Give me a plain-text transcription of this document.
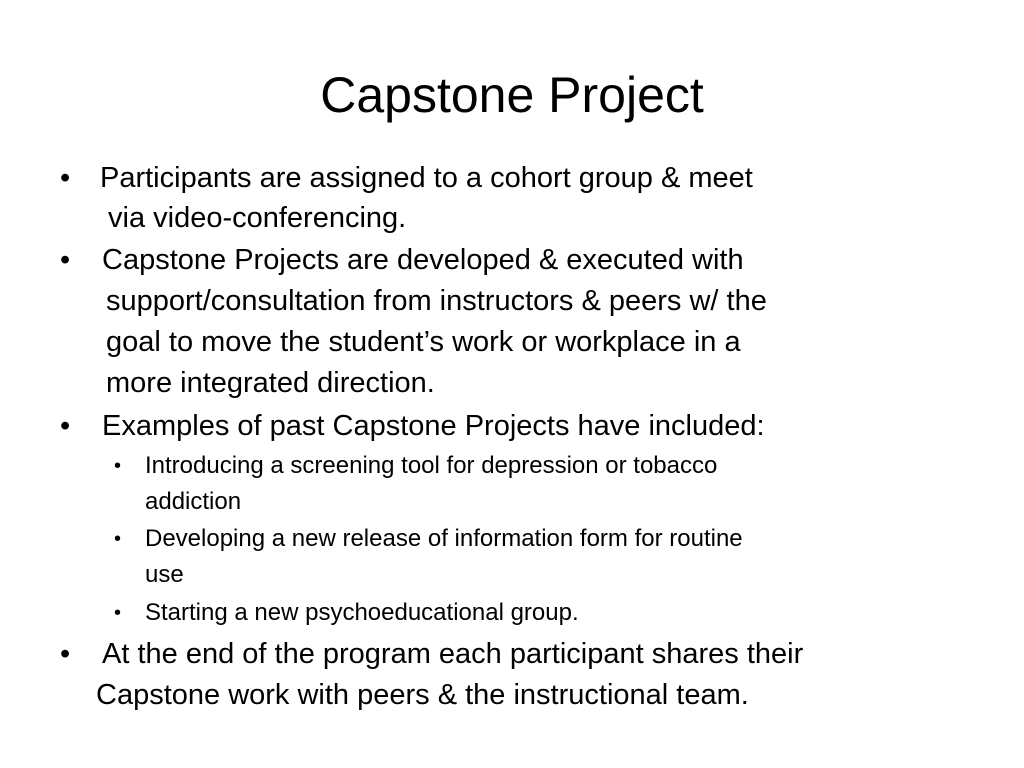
Capstone Project
• Participants are assigned to a cohort group & meet
via video-conferencing.
• Capstone Projects are developed & executed with
support/consultation from instructors & peers w/ the
goal to move the student’s work or workplace in a
more integrated direction.
• Examples of past Capstone Projects have included:
• Introducing a screening tool for depression or tobacco
addiction
• Developing a new release of information form for routine
use
• Starting a new psychoeducational group.
• At the end of the program each participant shares their
Capstone work with peers & the instructional team.
